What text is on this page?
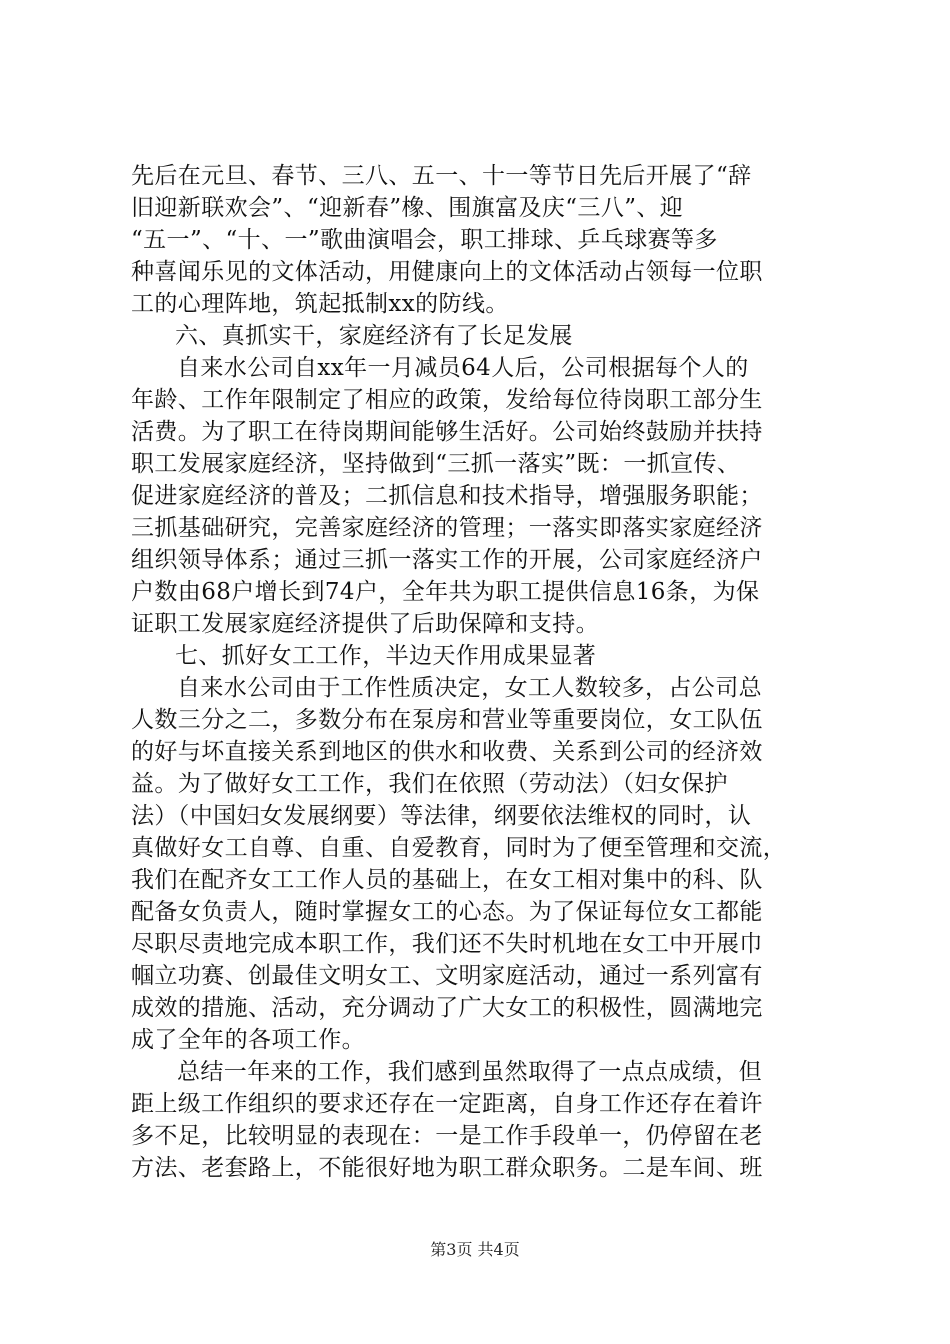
先后在元旦、春节、三八、五一、十一等节日先后开展了“辞
旧迎新联欢会”、“迎新春”橡、围旗富及庆“三八”、迎
“五一”、“十、一”歌曲演唱会，职工排球、乒乓球赛等多
种喜闻乐见的文体活动，用健康向上的文体活动占领每一位职
工的心理阵地，筑起抵制xx的防线。
六、真抓实干，家庭经济有了长足发展
自来水公司自xx年一月减员64人后，公司根据每个人的
年龄、工作年限制定了相应的政策，发给每位待岗职工部分生
活费。为了职工在待岗期间能够生活好。公司始终鼓励并扶持
职工发展家庭经济，坚持做到“三抓一落实”既：一抓宣传、
促进家庭经济的普及；二抓信息和技术指导，增强服务职能；
三抓基础研究，完善家庭经济的管理；一落实即落实家庭经济
组织领导体系；通过三抓一落实工作的开展，公司家庭经济户
户数由68户增长到74户，全年共为职工提供信息16条，为保
证职工发展家庭经济提供了后助保障和支持。
七、抓好女工工作，半边天作用成果显著
自来水公司由于工作性质决定，女工人数较多，占公司总
人数三分之二，多数分布在泵房和营业等重要岗位，女工队伍
的好与坏直接关系到地区的供水和收费、关系到公司的经济效
益。为了做好女工工作，我们在依照（劳动法）（妇女保护
法）（中国妇女发展纲要）等法律，纲要依法维权的同时，认
真做好女工自尊、自重、自爱教育，同时为了便至管理和交流，
我们在配齐女工工作人员的基础上，在女工相对集中的科、队
配备女负责人，随时掌握女工的心态。为了保证每位女工都能
尽职尽责地完成本职工作，我们还不失时机地在女工中开展巾
帼立功赛、创最佳文明女工、文明家庭活动，通过一系列富有
成效的措施、活动，充分调动了广大女工的积极性，圆满地完
成了全年的各项工作。
总结一年来的工作，我们感到虽然取得了一点点成绩，但
距上级工作组织的要求还存在一定距离，自身工作还存在着许
多不足，比较明显的表现在：一是工作手段单一，仍停留在老
方法、老套路上，不能很好地为职工群众职务。二是车间、班
第3页 共4页
